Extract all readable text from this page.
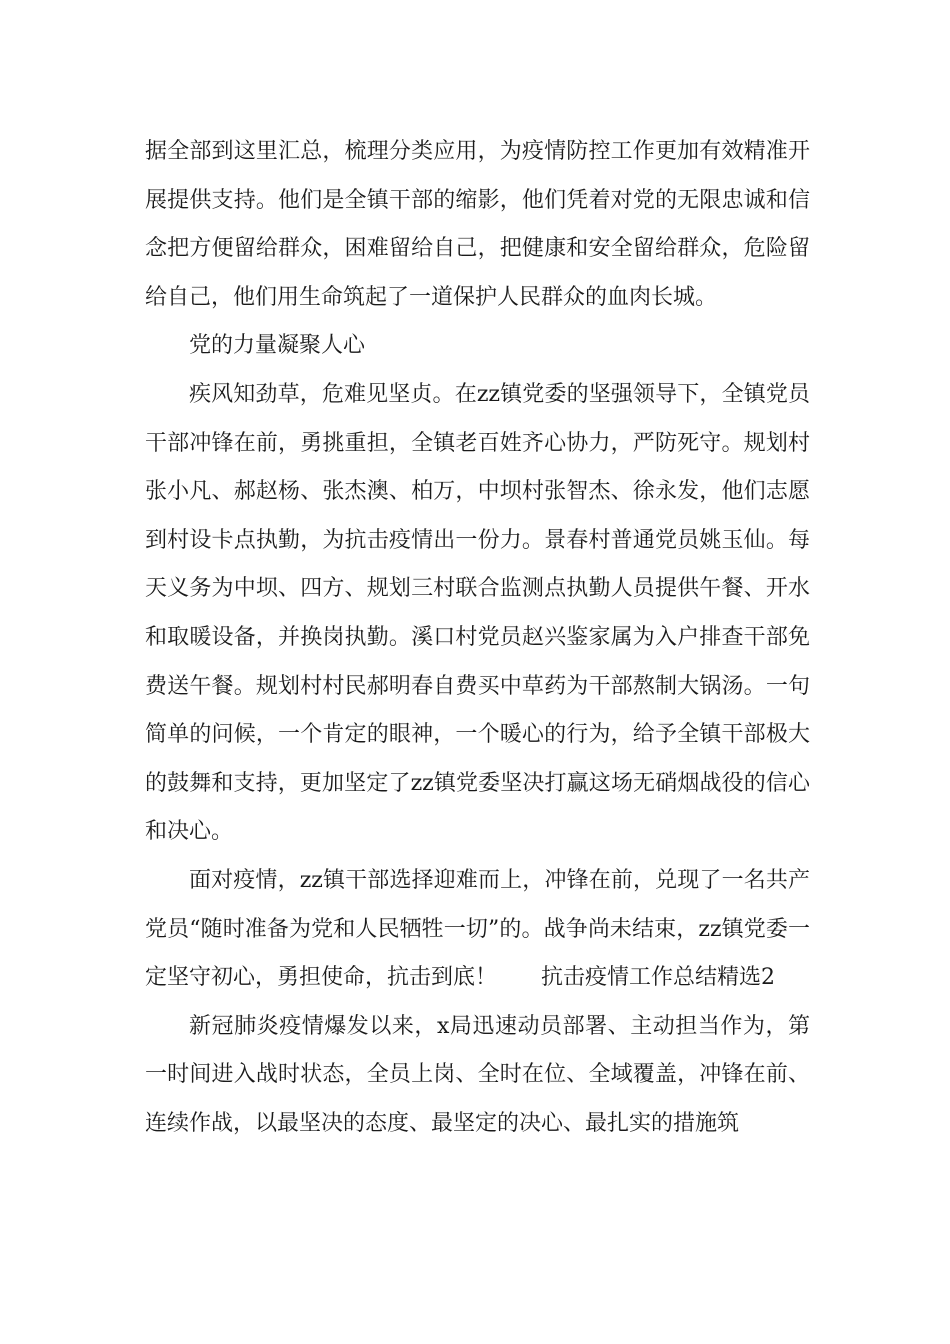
据全部到这里汇总，梳理分类应用，为疫情防控工作更加有效精准开展提供支持。他们是全镇干部的缩影，他们凭着对党的无限忠诚和信念把方便留给群众，困难留给自己，把健康和安全留给群众，危险留给自己，他们用生命筑起了一道保护人民群众的血肉长城。

党的力量凝聚人心

疾风知劲草，危难见坚贞。在zz镇党委的坚强领导下，全镇党员干部冲锋在前，勇挑重担，全镇老百姓齐心协力，严防死守。规划村张小凡、郝赵杨、张杰澳、柏万，中坝村张智杰、徐永发，他们志愿到村设卡点执勤，为抗击疫情出一份力。景春村普通党员姚玉仙。每天义务为中坝、四方、规划三村联合监测点执勤人员提供午餐、开水和取暖设备，并换岗执勤。溪口村党员赵兴鉴家属为入户排查干部免费送午餐。规划村村民郝明春自费买中草药为干部熬制大锅汤。一句简单的问候，一个肯定的眼神，一个暖心的行为，给予全镇干部极大的鼓舞和支持，更加坚定了zz镇党委坚决打赢这场无硝烟战役的信心和决心。

面对疫情，zz镇干部选择迎难而上，冲锋在前，兑现了一名共产党员“随时准备为党和人民牺牲一切”的。战争尚未结束，zz镇党委一定坚守初心，勇担使命，抗击到底！　　抗击疫情工作总结精选2

新冠肺炎疫情爆发以来，x局迅速动员部署、主动担当作为，第一时间进入战时状态，全员上岗、全时在位、全域覆盖，冲锋在前、连续作战，以最坚决的态度、最坚定的决心、最扎实的措施筑
